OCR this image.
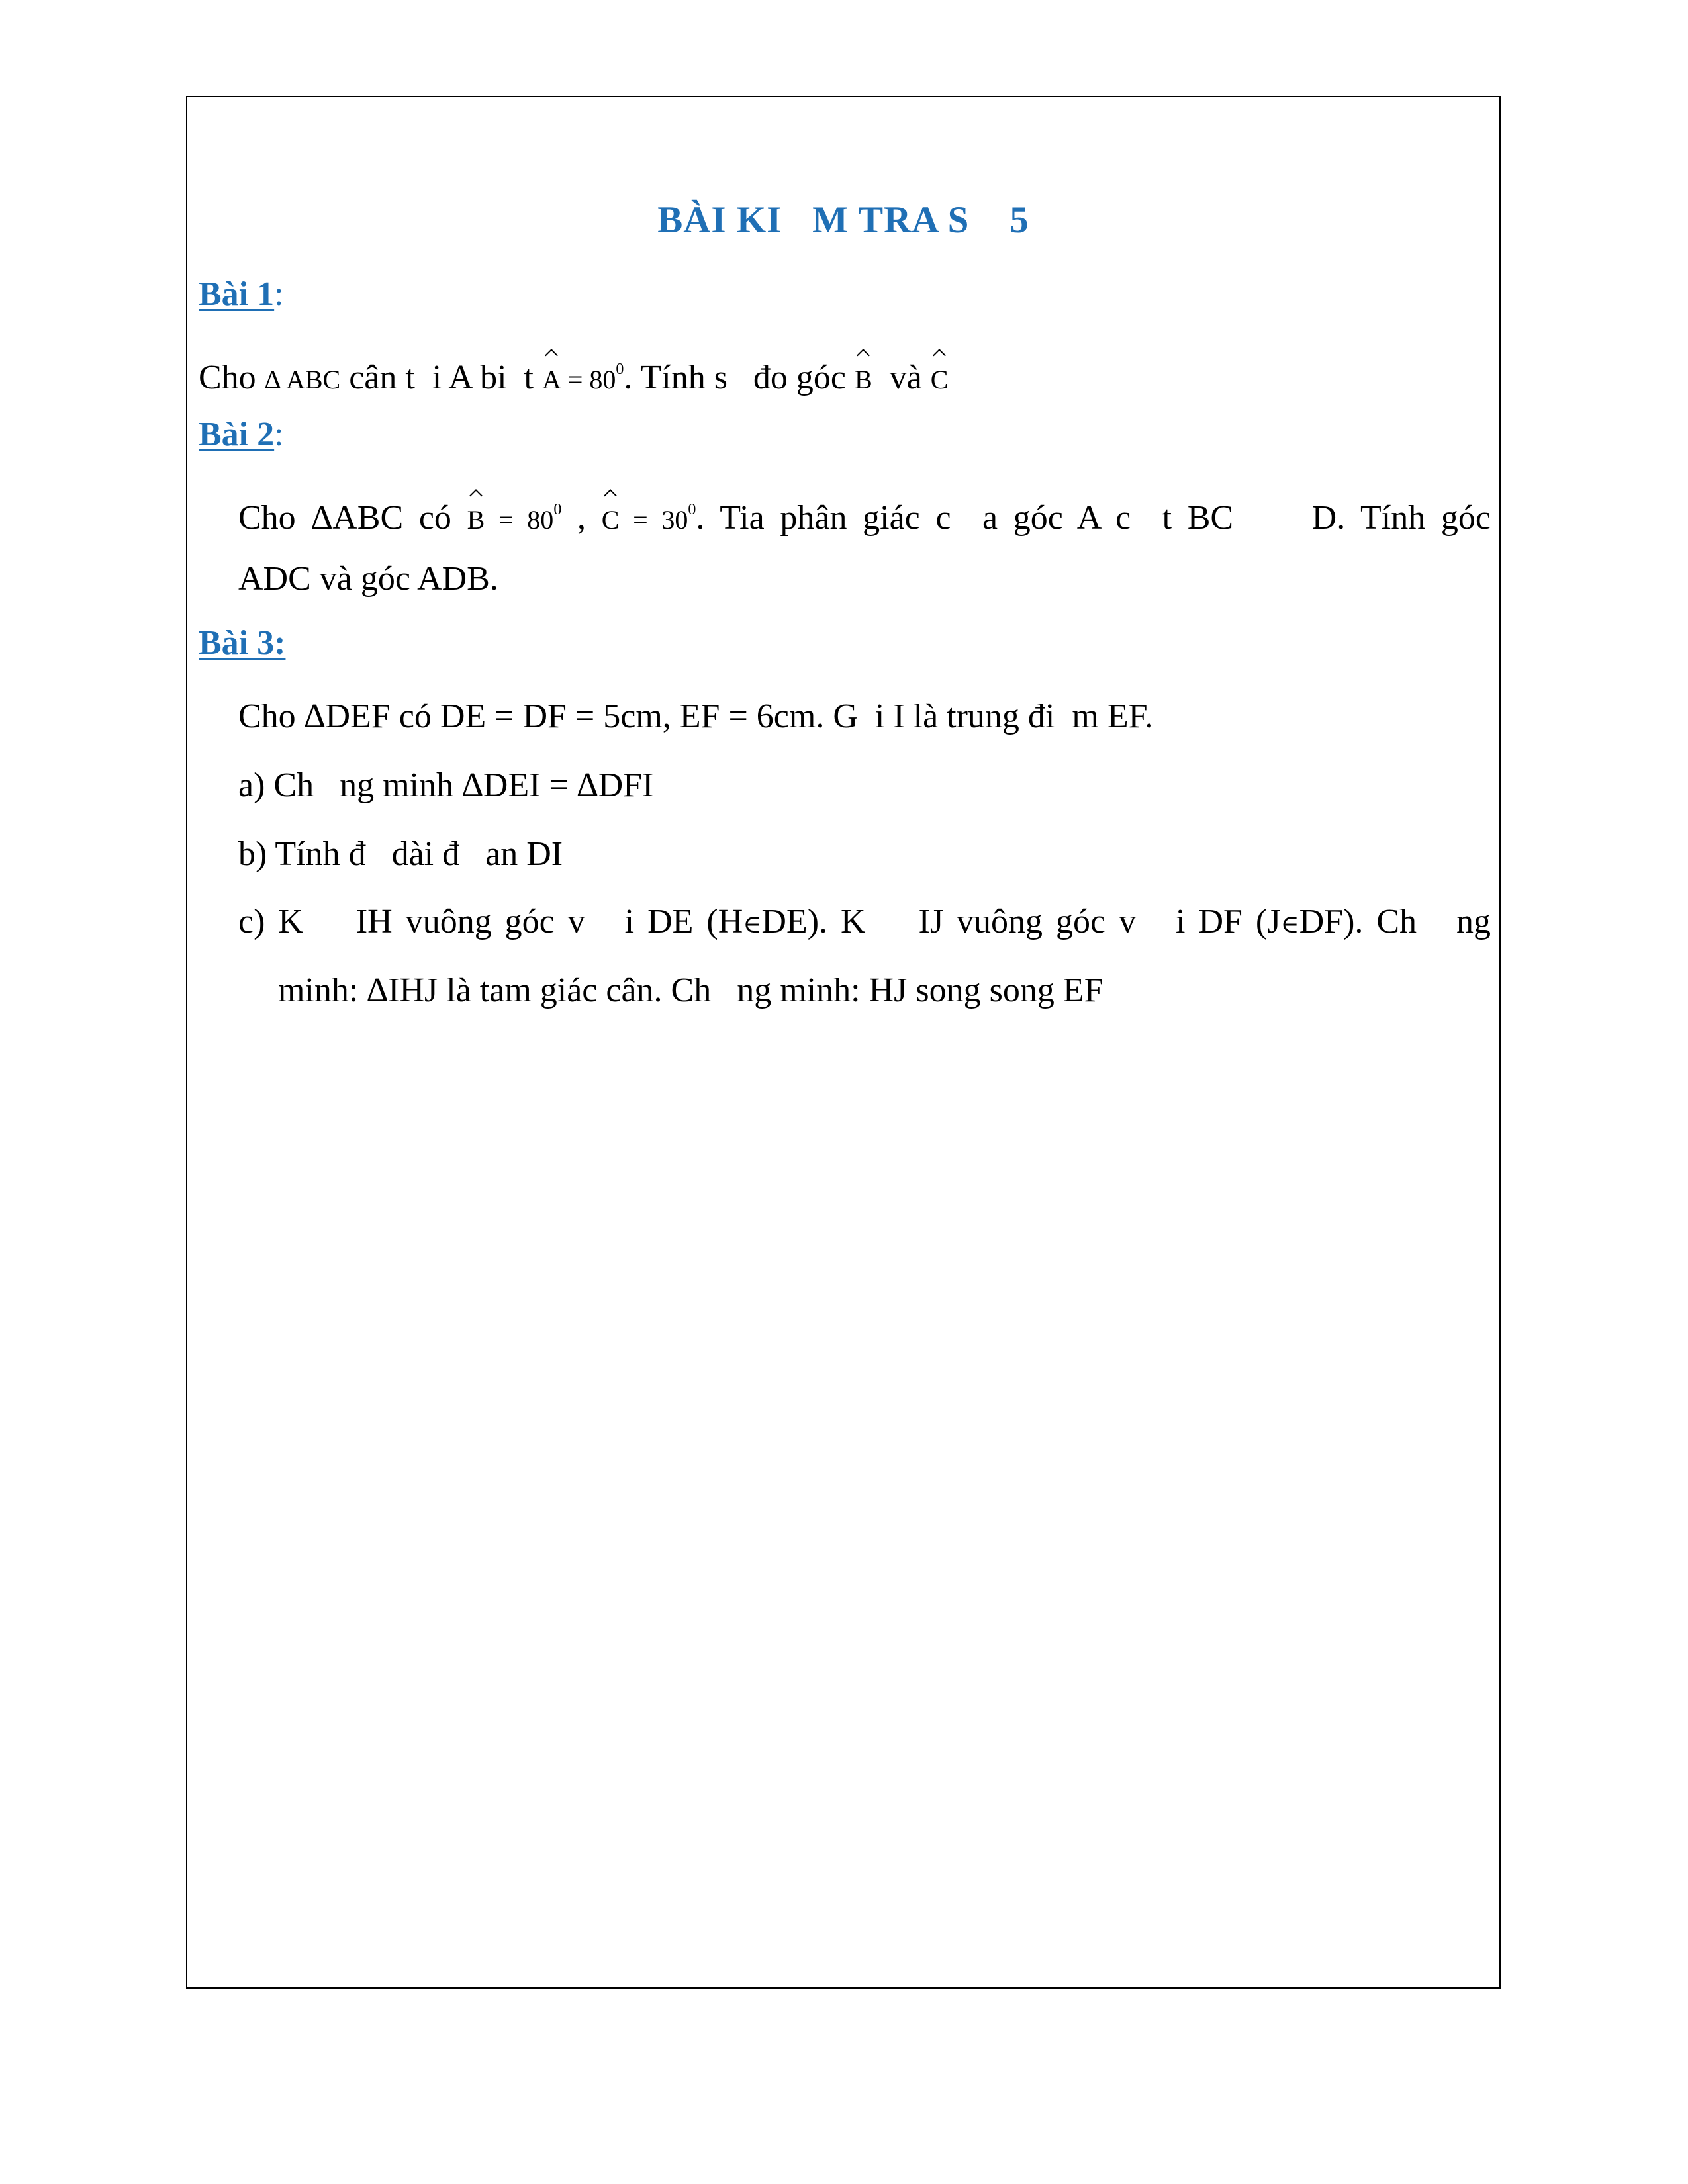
BÀI KI   M TRA S    5
Bài 1:
Cho ∆ ABC cân t  i A bi  t $A = 80^0$. Tính s   đo góc B  và C
Bài 2:
Cho ∆ABC có $B = 80^0$ , $C = 30^0$. Tia phân giác c  a góc A c  t BC     D. Tính góc
ADC và góc ADB.
Bài 3:
Cho ∆DEF có DE = DF = 5cm, EF = 6cm. G  i I là trung đi  m EF.
a) Ch   ng minh ∆DEI = ∆DFI
b) Tính đ   dài đ   an DI
c) K    IH vuông góc v   i DE (H∈DE). K    IJ vuông góc v   i DF (J∈DF). Ch   ng
minh: ∆IHJ là tam giác cân. Ch   ng minh: HJ song song EF
